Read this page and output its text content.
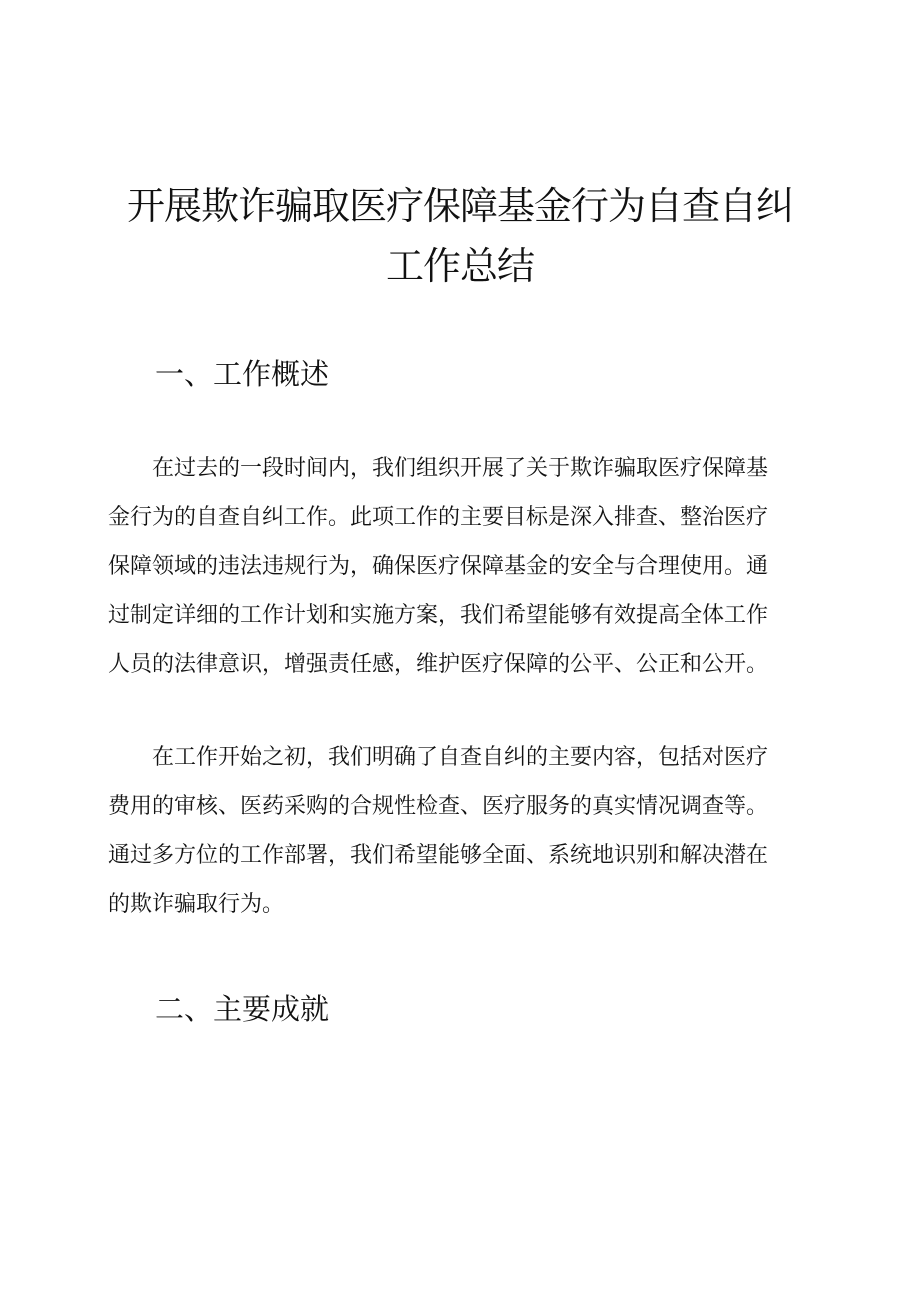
开展欺诈骗取医疗保障基金行为自查自纠
工作总结
一、工作概述
在过去的一段时间内，我们组织开展了关于欺诈骗取医疗保障基
金行为的自查自纠工作。此项工作的主要目标是深入排查、整治医疗
保障领域的违法违规行为，确保医疗保障基金的安全与合理使用。通
过制定详细的工作计划和实施方案，我们希望能够有效提高全体工作
人员的法律意识，增强责任感，维护医疗保障的公平、公正和公开。
在工作开始之初，我们明确了自查自纠的主要内容，包括对医疗
费用的审核、医药采购的合规性检查、医疗服务的真实情况调查等。
通过多方位的工作部署，我们希望能够全面、系统地识别和解决潜在
的欺诈骗取行为。
二、主要成就
